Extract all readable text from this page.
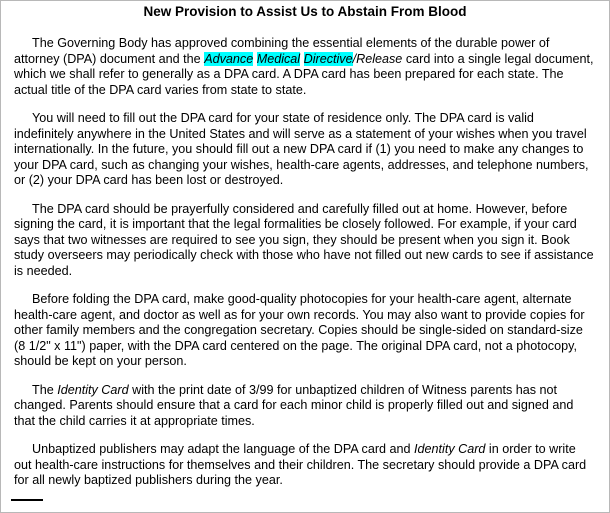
New Provision to Assist Us to Abstain From Blood

The Governing Body has approved combining the essential elements of the durable power of attorney (DPA) document and the Advance Medical Directive/Release card into a single legal document, which we shall refer to generally as a DPA card. A DPA card has been prepared for each state. The actual title of the DPA card varies from state to state.

You will need to fill out the DPA card for your state of residence only. The DPA card is valid indefinitely anywhere in the United States and will serve as a statement of your wishes when you travel internationally. In the future, you should fill out a new DPA card if (1) you need to make any changes to your DPA card, such as changing your wishes, health-care agents, addresses, and telephone numbers, or (2) your DPA card has been lost or destroyed.

The DPA card should be prayerfully considered and carefully filled out at home. However, before signing the card, it is important that the legal formalities be closely followed. For example, if your card says that two witnesses are required to see you sign, they should be present when you sign it. Book study overseers may periodically check with those who have not filled out new cards to see if assistance is needed.

Before folding the DPA card, make good-quality photocopies for your health-care agent, alternate health-care agent, and doctor as well as for your own records. You may also want to provide copies for other family members and the congregation secretary. Copies should be single-sided on standard-size (8 1/2" x 11") paper, with the DPA card centered on the page. The original DPA card, not a photocopy, should be kept on your person.

The Identity Card with the print date of 3/99 for unbaptized children of Witness parents has not changed. Parents should ensure that a card for each minor child is properly filled out and signed and that the child carries it at appropriate times.

Unbaptized publishers may adapt the language of the DPA card and Identity Card in order to write out health-care instructions for themselves and their children. The secretary should provide a DPA card for all newly baptized publishers during the year.
